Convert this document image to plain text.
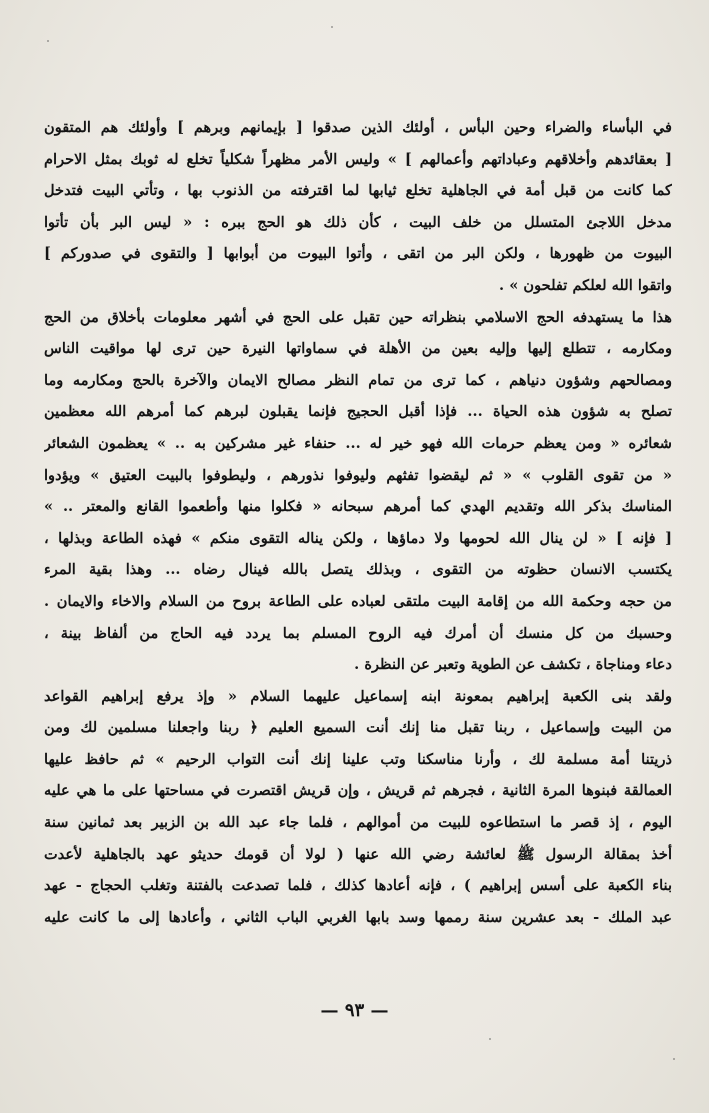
في البأساء والضراء وحين البأس ، أولئك الذين صدقوا [ بإيمانهم وبرهم ] وأولئك هم المتقون
[ بعقائدهم وأخلاقهم وعباداتهم وأعمالهم ] » وليس الأمر مظهراً شكلياً تخلع له ثوبك بمثل الاحرام
كما كانت من قبل أمة في الجاهلية تخلع ثيابها لما اقترفته من الذنوب بها ، وتأتي البيت فتدخل
مدخل اللاجئ المتسلل من خلف البيت ، كأن ذلك هو الحج ببره : « ليس البر بأن تأتوا
البيوت من ظهورها ، ولكن البر من اتقى ، وأتوا البيوت من أبوابها [ والتقوى في صدوركم ]
واتقوا الله لعلكم تفلحون » .
هذا ما يستهدفه الحج الاسلامي بنظراته حين تقبل على الحج في أشهر معلومات بأخلاق من الحج
ومكارمه ، تتطلع إليها وإليه بعين من الأهلة في سماواتها النيرة حين ترى لها مواقيت الناس
ومصالحهم وشؤون دنياهم ، كما ترى من تمام النظر مصالح الايمان والآخرة بالحج ومكارمه وما
تصلح به شؤون هذه الحياة ... فإذا أقبل الحجيج فإنما يقبلون لبرهم كما أمرهم الله معظمين
شعائره « ومن يعظم حرمات الله فهو خير له ... حنفاء غير مشركين به .. » يعظمون الشعائر
« من تقوى القلوب » « ثم ليقضوا تفثهم وليوفوا نذورهم ، وليطوفوا بالبيت العتيق » ويؤدوا
المناسك بذكر الله وتقديم الهدي كما أمرهم سبحانه « فكلوا منها وأطعموا القانع والمعتر .. »
[ فإنه ] « لن ينال الله لحومها ولا دماؤها ، ولكن يناله التقوى منكم » فهذه الطاعة وبذلها ،
يكتسب الانسان حظوته من التقوى ، وبذلك يتصل بالله فينال رضاه ... وهذا بقية المرء
من حجه وحكمة الله من إقامة البيت ملتقى لعباده على الطاعة بروح من السلام والاخاء والايمان .
وحسبك من كل منسك أن أمرك فيه الروح المسلم بما يردد فيه الحاج من ألفاظ بينة ،
دعاء ومناجاة ، تكشف عن الطوية وتعبر عن النظرة .
ولقد بنى الكعبة إبراهيم بمعونة ابنه إسماعيل عليهما السلام « وإذ يرفع إبراهيم القواعد
من البيت وإسماعيل ، ربنا تقبل منا إنك أنت السميع العليم ﴿ ربنا واجعلنا مسلمين لك ومن
ذريتنا أمة مسلمة لك ، وأرنا مناسكنا وتب علينا إنك أنت التواب الرحيم » ثم حافظ عليها
العمالقة فبنوها المرة الثانية ، فجرهم ثم قريش ، وإن قريش اقتصرت في مساحتها على ما هي عليه
اليوم ، إذ قصر ما استطاعوه للبيت من أموالهم ، فلما جاء عبد الله بن الزبير بعد ثمانين سنة
أخذ بمقالة الرسول ﷺ لعائشة رضي الله عنها ( لولا أن قومك حديثو عهد بالجاهلية لأعدت
بناء الكعبة على أسس إبراهيم ) ، فإنه أعادها كذلك ، فلما تصدعت بالفتنة وتغلب الحجاج - عهد
عبد الملك - بعد عشرين سنة رممها وسد بابها الغربي الباب الثاني ، وأعادها إلى ما كانت عليه
— ٩٣ —
